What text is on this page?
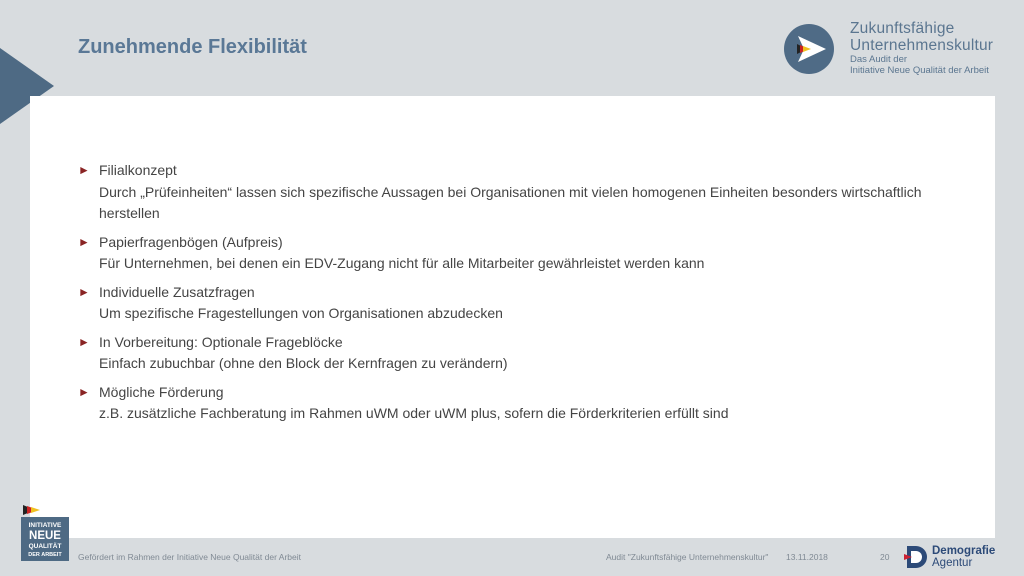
Zunehmende Flexibilität
Zukunftsfähige
Unternehmenskultur
Das Audit der
Initiative Neue Qualität der Arbeit
► Filialkonzept
Durch „Prüfeinheiten“ lassen sich spezifische Aussagen bei Organisationen mit vielen homogenen Einheiten besonders wirtschaftlich herstellen
► Papierfragenbögen (Aufpreis)
Für Unternehmen, bei denen ein EDV-Zugang nicht für alle Mitarbeiter gewährleistet werden kann
► Individuelle Zusatzfragen
Um spezifische Fragestellungen von Organisationen abzudecken
► In Vorbereitung: Optionale Frageblöcke
Einfach zubuchbar (ohne den Block der Kernfragen zu verändern)
► Mögliche Förderung
z.B. zusätzliche Fachberatung im Rahmen uWM oder uWM plus, sofern die Förderkriterien erfüllt sind
INITIATIVE
NEUE
QUALITÄT
DER ARBEIT Gefördert im Rahmen der Initiative Neue Qualität der Arbeit	Audit "Zukunftsfähige Unternehmenskultur" 13.11.2018	20	Demografie
Agentur
